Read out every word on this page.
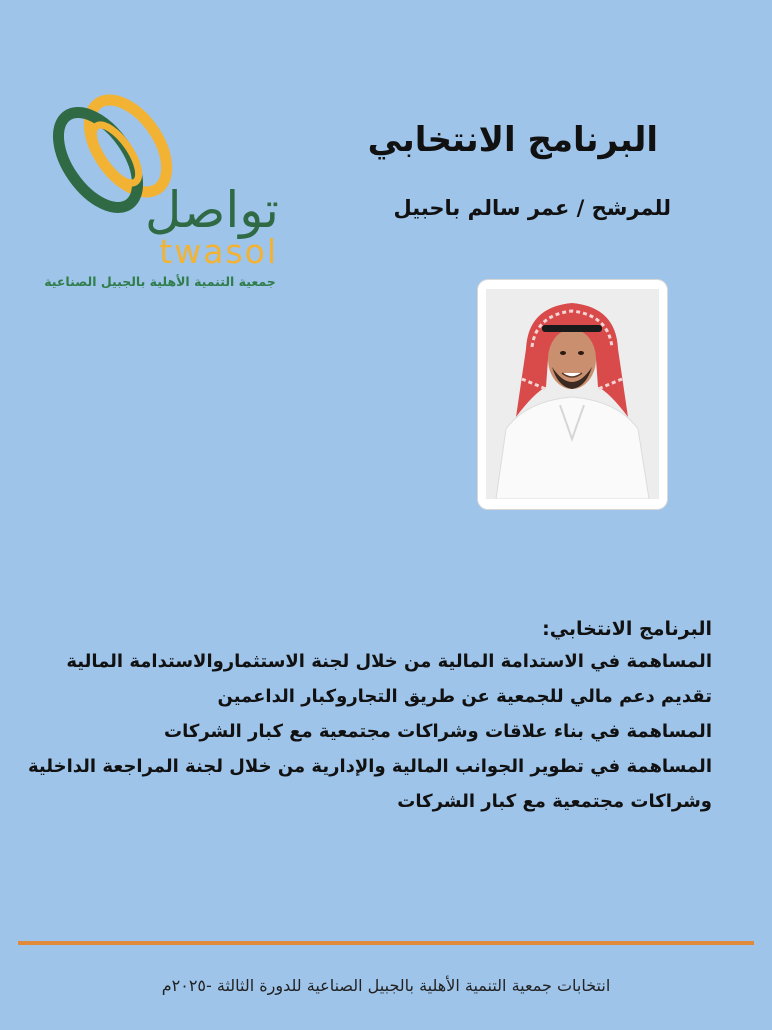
تواصل
twasol
جمعية التنمية الأهلية بالجبيل الصناعية
البرنامج الانتخابي
للمرشح / عمر سالم باحبيل

البرنامج الانتخابي:

المساهمة في الاستدامة المالية من خلال لجنة الاستثماروالاستدامة المالية
تقديم دعم مالي للجمعية عن طريق التجاروكبار الداعمين
المساهمة في بناء علاقات وشراكات مجتمعية مع كبار الشركات
المساهمة في تطوير الجوانب المالية والإدارية من خلال لجنة المراجعة الداخلية
وشراكات مجتمعية مع كبار الشركات
انتخابات جمعية التنمية الأهلية بالجبيل الصناعية للدورة الثالثة -٢٠٢٥م
